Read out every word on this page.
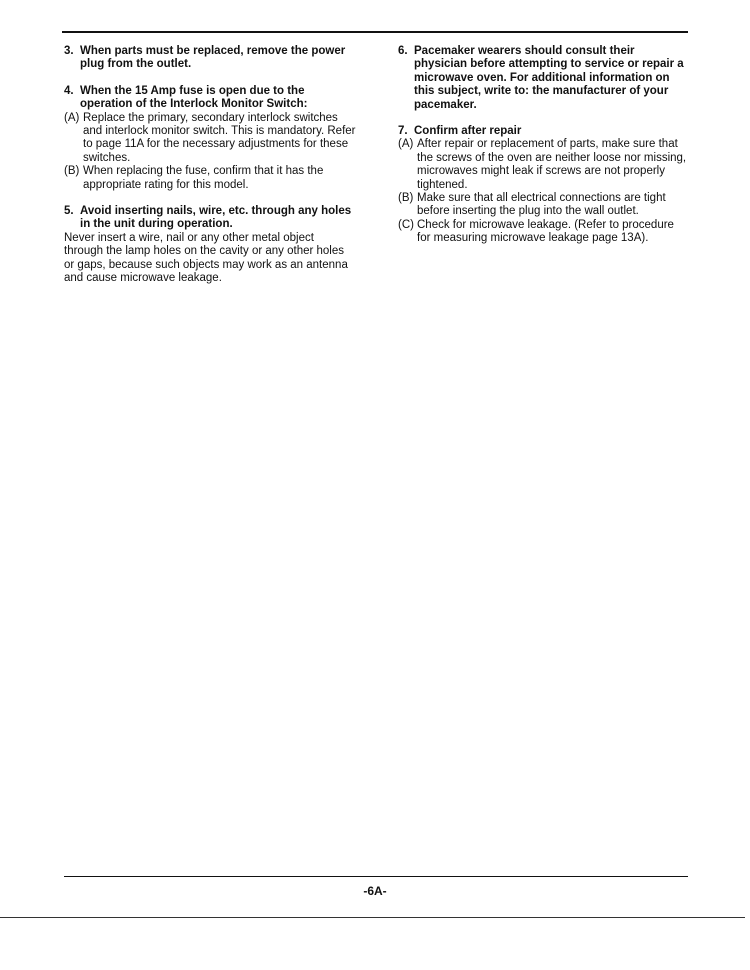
3. When parts must be replaced, remove the power plug from the outlet.
4. When the 15 Amp fuse is open due to the operation of the Interlock Monitor Switch:
(A) Replace the primary, secondary interlock switches and interlock monitor switch. This is mandatory. Refer to page 11A for the necessary adjustments for these switches.
(B) When replacing the fuse, confirm that it has the appropriate rating for this model.
5. Avoid inserting nails, wire, etc. through any holes in the unit during operation.

Never insert a wire, nail or any other metal object through the lamp holes on the cavity or any other holes or gaps, because such objects may work as an antenna and cause microwave leakage.

6. Pacemaker wearers should consult their physician before attempting to service or repair a microwave oven. For additional information on this subject, write to: the manufacturer of your pacemaker.
7. Confirm after repair
(A) After repair or replacement of parts, make sure that the screws of the oven are neither loose nor missing, microwaves might leak if screws are not properly tightened.
(B) Make sure that all electrical connections are tight before inserting the plug into the wall outlet.
(C) Check for microwave leakage. (Refer to procedure for measuring microwave leakage page 13A).
-6A-
